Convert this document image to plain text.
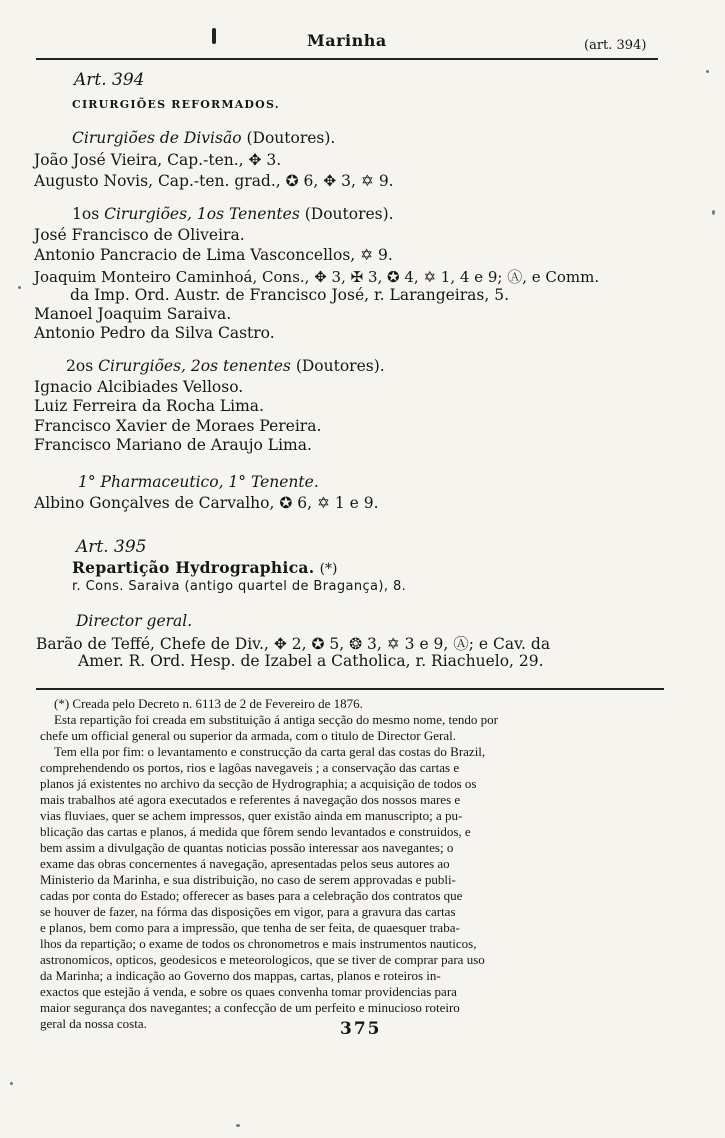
Marinha	(art. 394)
Art. 394
CIRURGIÕES REFORMADOS.
Cirurgiões de Divisão (Doutores).
João José Vieira, Cap.-ten., ✥ 3.
Augusto Novis, Cap.-ten. grad., ✪ 6, ✥ 3, ✡ 9.
1os Cirurgiões, 1os Tenentes (Doutores).
José Francisco de Oliveira.
Antonio Pancracio de Lima Vasconcellos, ✡ 9.
Joaquim Monteiro Caminhoá, Cons., ✥ 3, ✠ 3, ✪ 4, ✡ 1, 4 e 9; Ⓐ, e Comm.
da Imp. Ord. Austr. de Francisco José, r. Larangeiras, 5.
Manoel Joaquim Saraiva.
Antonio Pedro da Silva Castro.
2os Cirurgiões, 2os tenentes (Doutores).
Ignacio Alcibiades Velloso.
Luiz Ferreira da Rocha Lima.
Francisco Xavier de Moraes Pereira.
Francisco Mariano de Araujo Lima.
1° Pharmaceutico, 1° Tenente.
Albino Gonçalves de Carvalho, ✪ 6, ✡ 1 e 9.
Art. 395
Repartição Hydrographica. (*)
r. Cons. Saraiva (antigo quartel de Bragança), 8.
Director geral.
Barão de Teffé, Chefe de Div., ✥ 2, ✪ 5, ❂ 3, ✡ 3 e 9, Ⓐ; e Cav. da
Amer. R. Ord. Hesp. de Izabel a Catholica, r. Riachuelo, 29.
(*) Creada pelo Decreto n. 6113 de 2 de Fevereiro de 1876.
Esta repartição foi creada em substituição á antiga secção do mesmo nome, tendo por
chefe um official general ou superior da armada, com o titulo de Director Geral.
Tem ella por fim: o levantamento e construcção da carta geral das costas do Brazil,
comprehendendo os portos, rios e lagôas navegaveis ; a conservação das cartas e
planos já existentes no archivo da secção de Hydrographia; a acquisição de todos os
mais trabalhos até agora executados e referentes á navegação dos nossos mares e
vias fluviaes, quer se achem impressos, quer existão ainda em manuscripto; a pu-
blicação das cartas e planos, á medida que fôrem sendo levantados e construidos, e
bem assim a divulgação de quantas noticias possão interessar aos navegantes; o
exame das obras concernentes á navegação, apresentadas pelos seus autores ao
Ministerio da Marinha, e sua distribuição, no caso de serem approvadas e publi-
cadas por conta do Estado; offerecer as bases para a celebração dos contratos que
se houver de fazer, na fórma das disposições em vigor, para a gravura das cartas
e planos, bem como para a impressão, que tenha de ser feita, de quaesquer traba-
lhos da repartição; o exame de todos os chronometros e mais instrumentos nauticos,
astronomicos, opticos, geodesicos e meteorologicos, que se tiver de comprar para uso
da Marinha; a indicação ao Governo dos mappas, cartas, planos e roteiros in-
exactos que estejão á venda, e sobre os quaes convenha tomar providencias para
maior segurança dos navegantes; a confecção de um perfeito e minucioso roteiro
geral da nossa costa.	375
